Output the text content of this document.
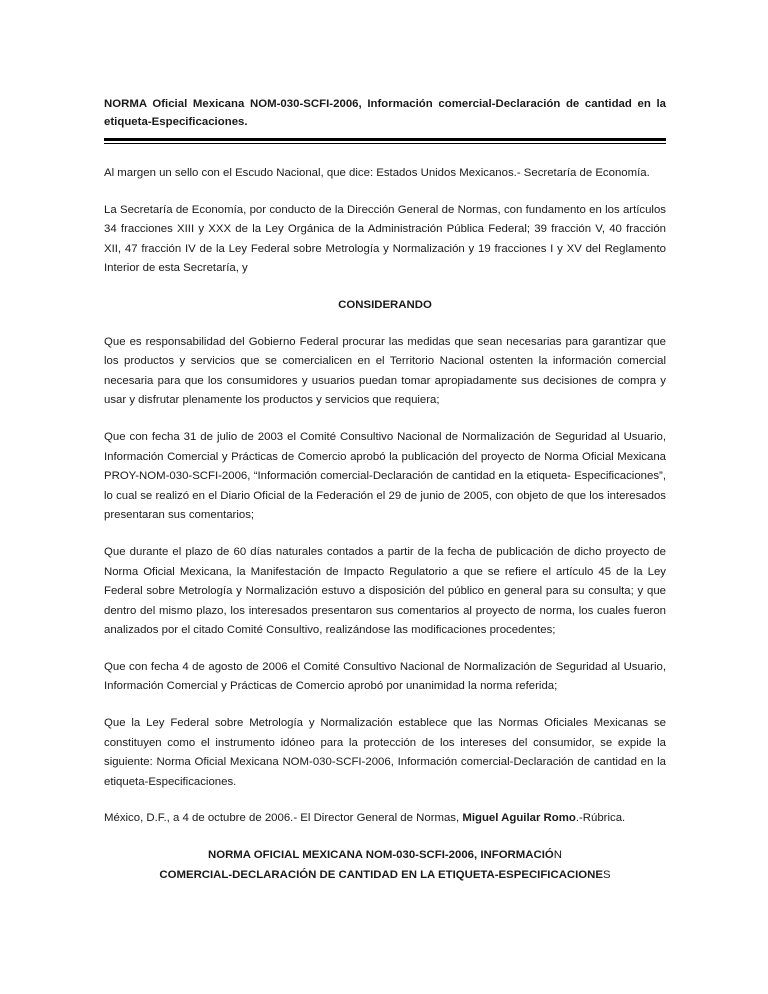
NORMA Oficial Mexicana NOM-030-SCFI-2006, Información comercial-Declaración de cantidad en la etiqueta-Especificaciones.

Al margen un sello con el Escudo Nacional, que dice: Estados Unidos Mexicanos.- Secretaría de Economía.

La Secretaría de Economía, por conducto de la Dirección General de Normas, con fundamento en los artículos 34 fracciones XIII y XXX de la Ley Orgánica de la Administración Pública Federal; 39 fracción V, 40 fracción XII, 47 fracción IV de la Ley Federal sobre Metrología y Normalización y 19 fracciones I y XV del Reglamento Interior de esta Secretaría, y

CONSIDERANDO

Que es responsabilidad del Gobierno Federal procurar las medidas que sean necesarias para garantizar que los productos y servicios que se comercialicen en el Territorio Nacional ostenten la información comercial necesaria para que los consumidores y usuarios puedan tomar apropiadamente sus decisiones de compra y usar y disfrutar plenamente los productos y servicios que requiera;

Que con fecha 31 de julio de 2003 el Comité Consultivo Nacional de Normalización de Seguridad al Usuario, Información Comercial y Prácticas de Comercio aprobó la publicación del proyecto de Norma Oficial Mexicana PROY-NOM-030-SCFI-2006, “Información comercial-Declaración de cantidad en la etiqueta- Especificaciones”, lo cual se realizó en el Diario Oficial de la Federación el 29 de junio de 2005, con objeto de que los interesados presentaran sus comentarios;

Que durante el plazo de 60 días naturales contados a partir de la fecha de publicación de dicho proyecto de Norma Oficial Mexicana, la Manifestación de Impacto Regulatorio a que se refiere el artículo 45 de la Ley Federal sobre Metrología y Normalización estuvo a disposición del público en general para su consulta; y que dentro del mismo plazo, los interesados presentaron sus comentarios al proyecto de norma, los cuales fueron analizados por el citado Comité Consultivo, realizándose las modificaciones procedentes;

Que con fecha 4 de agosto de 2006 el Comité Consultivo Nacional de Normalización de Seguridad al Usuario, Información Comercial y Prácticas de Comercio aprobó por unanimidad la norma referida;

Que la Ley Federal sobre Metrología y Normalización establece que las Normas Oficiales Mexicanas se constituyen como el instrumento idóneo para la protección de los intereses del consumidor, se expide la siguiente: Norma Oficial Mexicana NOM-030-SCFI-2006, Información comercial-Declaración de cantidad en la etiqueta-Especificaciones.

México, D.F., a 4 de octubre de 2006.- El Director General de Normas, Miguel Aguilar Romo.-Rúbrica.

NORMA OFICIAL MEXICANA NOM-030-SCFI-2006, INFORMACIÓN
COMERCIAL-DECLARACIÓN DE CANTIDAD EN LA ETIQUETA-ESPECIFICACIONES
